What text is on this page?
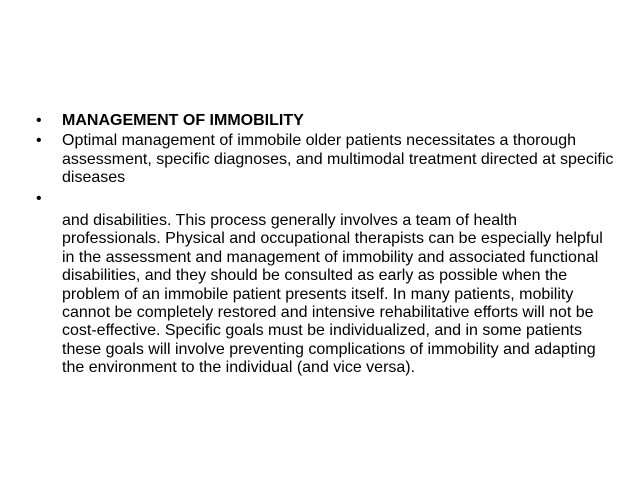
• MANAGEMENT OF IMMOBILITY
• Optimal management of immobile older patients necessitates a thorough assessment, specific diagnoses, and multimodal treatment directed at specific diseases
•
and disabilities. This process generally involves a team of health professionals. Physical and occupational therapists can be especially helpful in the assessment and management of immobility and associated functional disabilities, and they should be consulted as early as possible when the problem of an immobile patient presents itself. In many patients, mobility cannot be completely restored and intensive rehabilitative efforts will not be cost-effective. Specific goals must be individualized, and in some patients these goals will involve preventing complications of immobility and adapting the environment to the individual (and vice versa).
